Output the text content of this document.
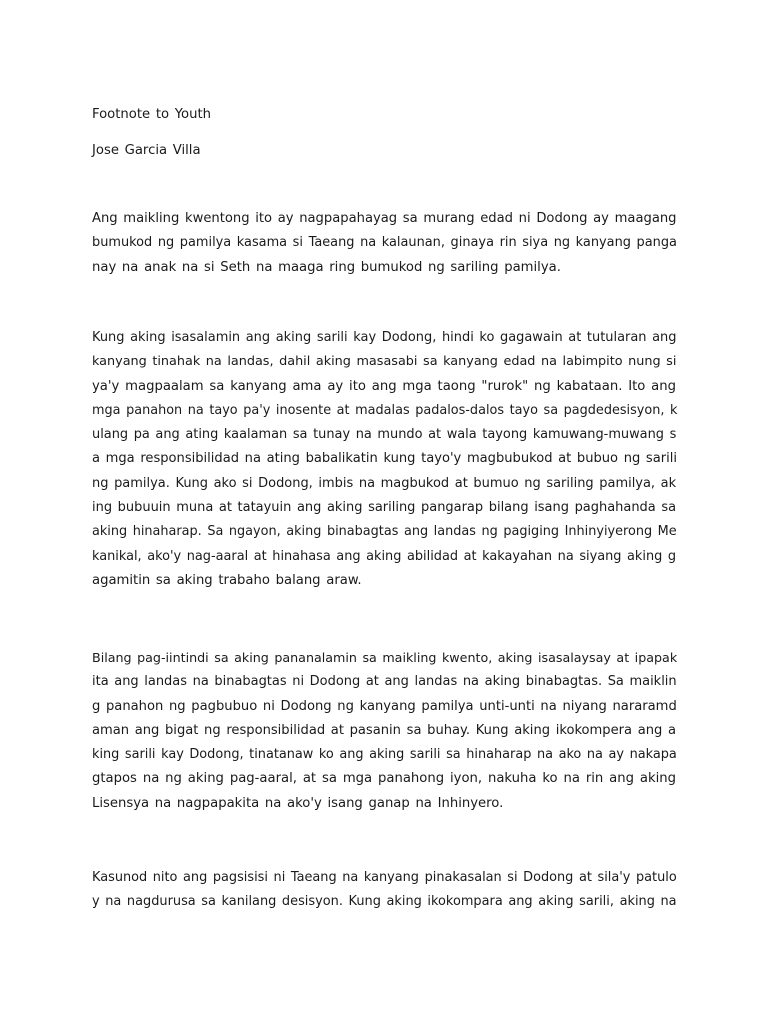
Footnote to Youth
Jose Garcia Villa
Ang maikling kwentong ito ay nagpapahayag sa murang edad ni Dodong ay maagang
bumukod ng pamilya kasama si Taeang na kalaunan, ginaya rin siya ng kanyang panga
nay na anak na si Seth na maaga ring bumukod ng sariling pamilya.
Kung aking isasalamin ang aking sarili kay Dodong, hindi ko gagawain at tutularan ang
kanyang tinahak na landas, dahil aking masasabi sa kanyang edad na labimpito nung si
ya'y magpaalam sa kanyang ama ay ito ang mga taong "rurok" ng kabataan. Ito ang
mga panahon na tayo pa'y inosente at madalas padalos-dalos tayo sa pagdedesisyon, k
ulang pa ang ating kaalaman sa tunay na mundo at wala tayong kamuwang-muwang s
a mga responsibilidad na ating babalikatin kung tayo'y magbubukod at bubuo ng sarili
ng pamilya. Kung ako si Dodong, imbis na magbukod at bumuo ng sariling pamilya, ak
ing bubuuin muna at tatayuin ang aking sariling pangarap bilang isang paghahanda sa
aking hinaharap. Sa ngayon, aking binabagtas ang landas ng pagiging Inhinyiyerong Me
kanikal, ako'y nag-aaral at hinahasa ang aking abilidad at kakayahan na siyang aking g
agamitin sa aking trabaho balang araw.
Bilang pag-iintindi sa aking pananalamin sa maikling kwento, aking isasalaysay at ipapak
ita ang landas na binabagtas ni Dodong at ang landas na aking binabagtas. Sa maiklin
g panahon ng pagbubuo ni Dodong ng kanyang pamilya unti-unti na niyang nararamd
aman ang bigat ng responsibilidad at pasanin sa buhay. Kung aking ikokompera ang a
king sarili kay Dodong, tinatanaw ko ang aking sarili sa hinaharap na ako na ay nakapa
gtapos na ng aking pag-aaral, at sa mga panahong iyon, nakuha ko na rin ang aking
Lisensya na nagpapakita na ako'y isang ganap na Inhinyero.
Kasunod nito ang pagsisisi ni Taeang na kanyang pinakasalan si Dodong at sila'y patulo
y na nagdurusa sa kanilang desisyon. Kung aking ikokompara ang aking sarili, aking na
